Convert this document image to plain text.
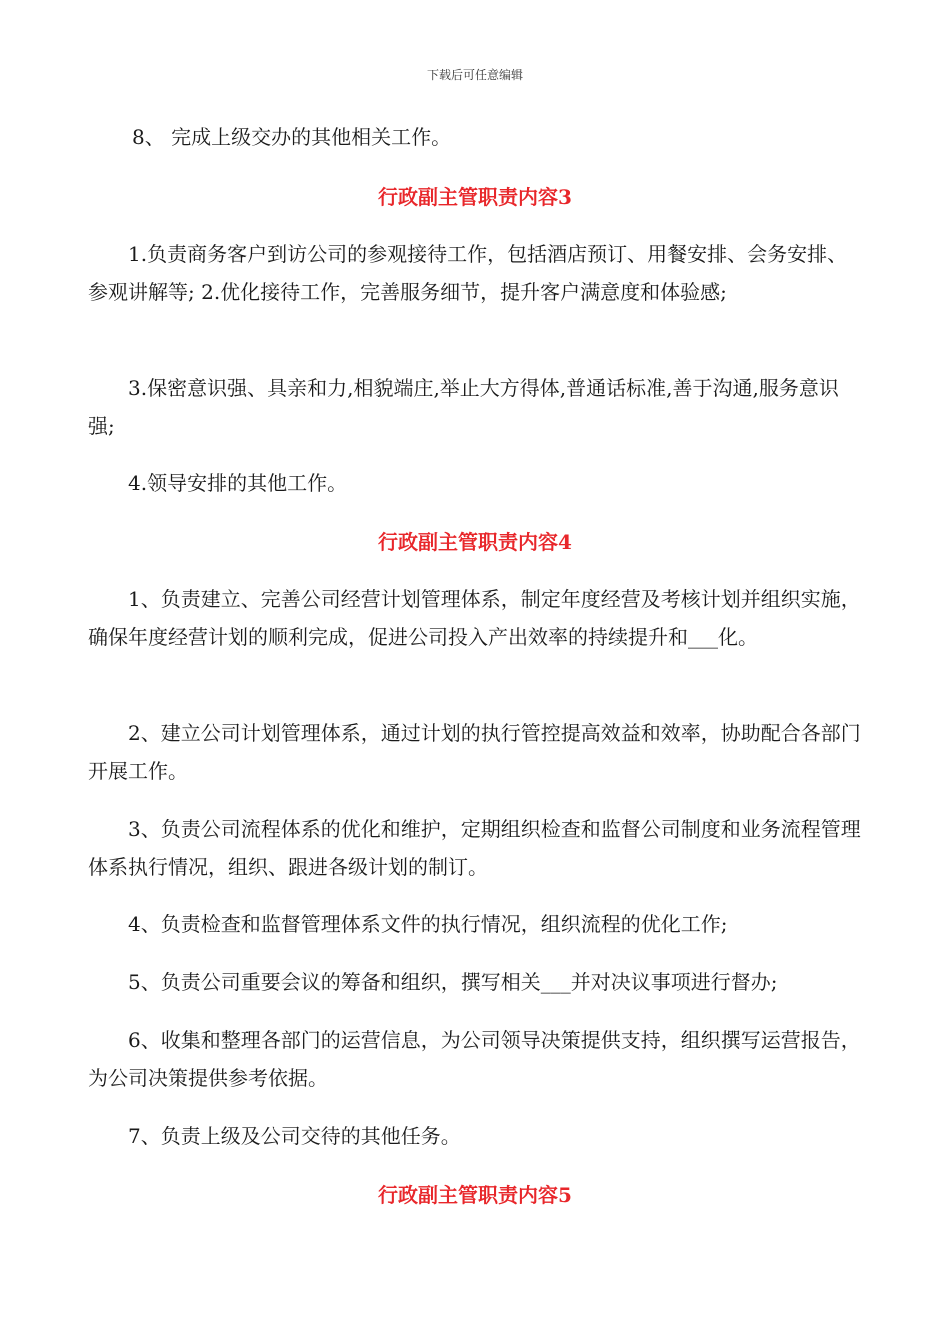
下载后可任意编辑

8、 完成上级交办的其他相关工作。

行政副主管职责内容3

1.负责商务客户到访公司的参观接待工作，包括酒店预订、用餐安排、会务安排、参观讲解等; 2.优化接待工作，完善服务细节，提升客户满意度和体验感;

3.保密意识强、具亲和力,相貌端庄,举止大方得体,普通话标准,善于沟通,服务意识强;

4.领导安排的其他工作。

行政副主管职责内容4

1、负责建立、完善公司经营计划管理体系，制定年度经营及考核计划并组织实施，确保年度经营计划的顺利完成，促进公司投入产出效率的持续提升和___化。

2、建立公司计划管理体系，通过计划的执行管控提高效益和效率，协助配合各部门开展工作。

3、负责公司流程体系的优化和维护，定期组织检查和监督公司制度和业务流程管理体系执行情况，组织、跟进各级计划的制订。

4、负责检查和监督管理体系文件的执行情况，组织流程的优化工作;

5、负责公司重要会议的筹备和组织，撰写相关___并对决议事项进行督办;

6、收集和整理各部门的运营信息，为公司领导决策提供支持，组织撰写运营报告，为公司决策提供参考依据。

7、负责上级及公司交待的其他任务。

行政副主管职责内容5
